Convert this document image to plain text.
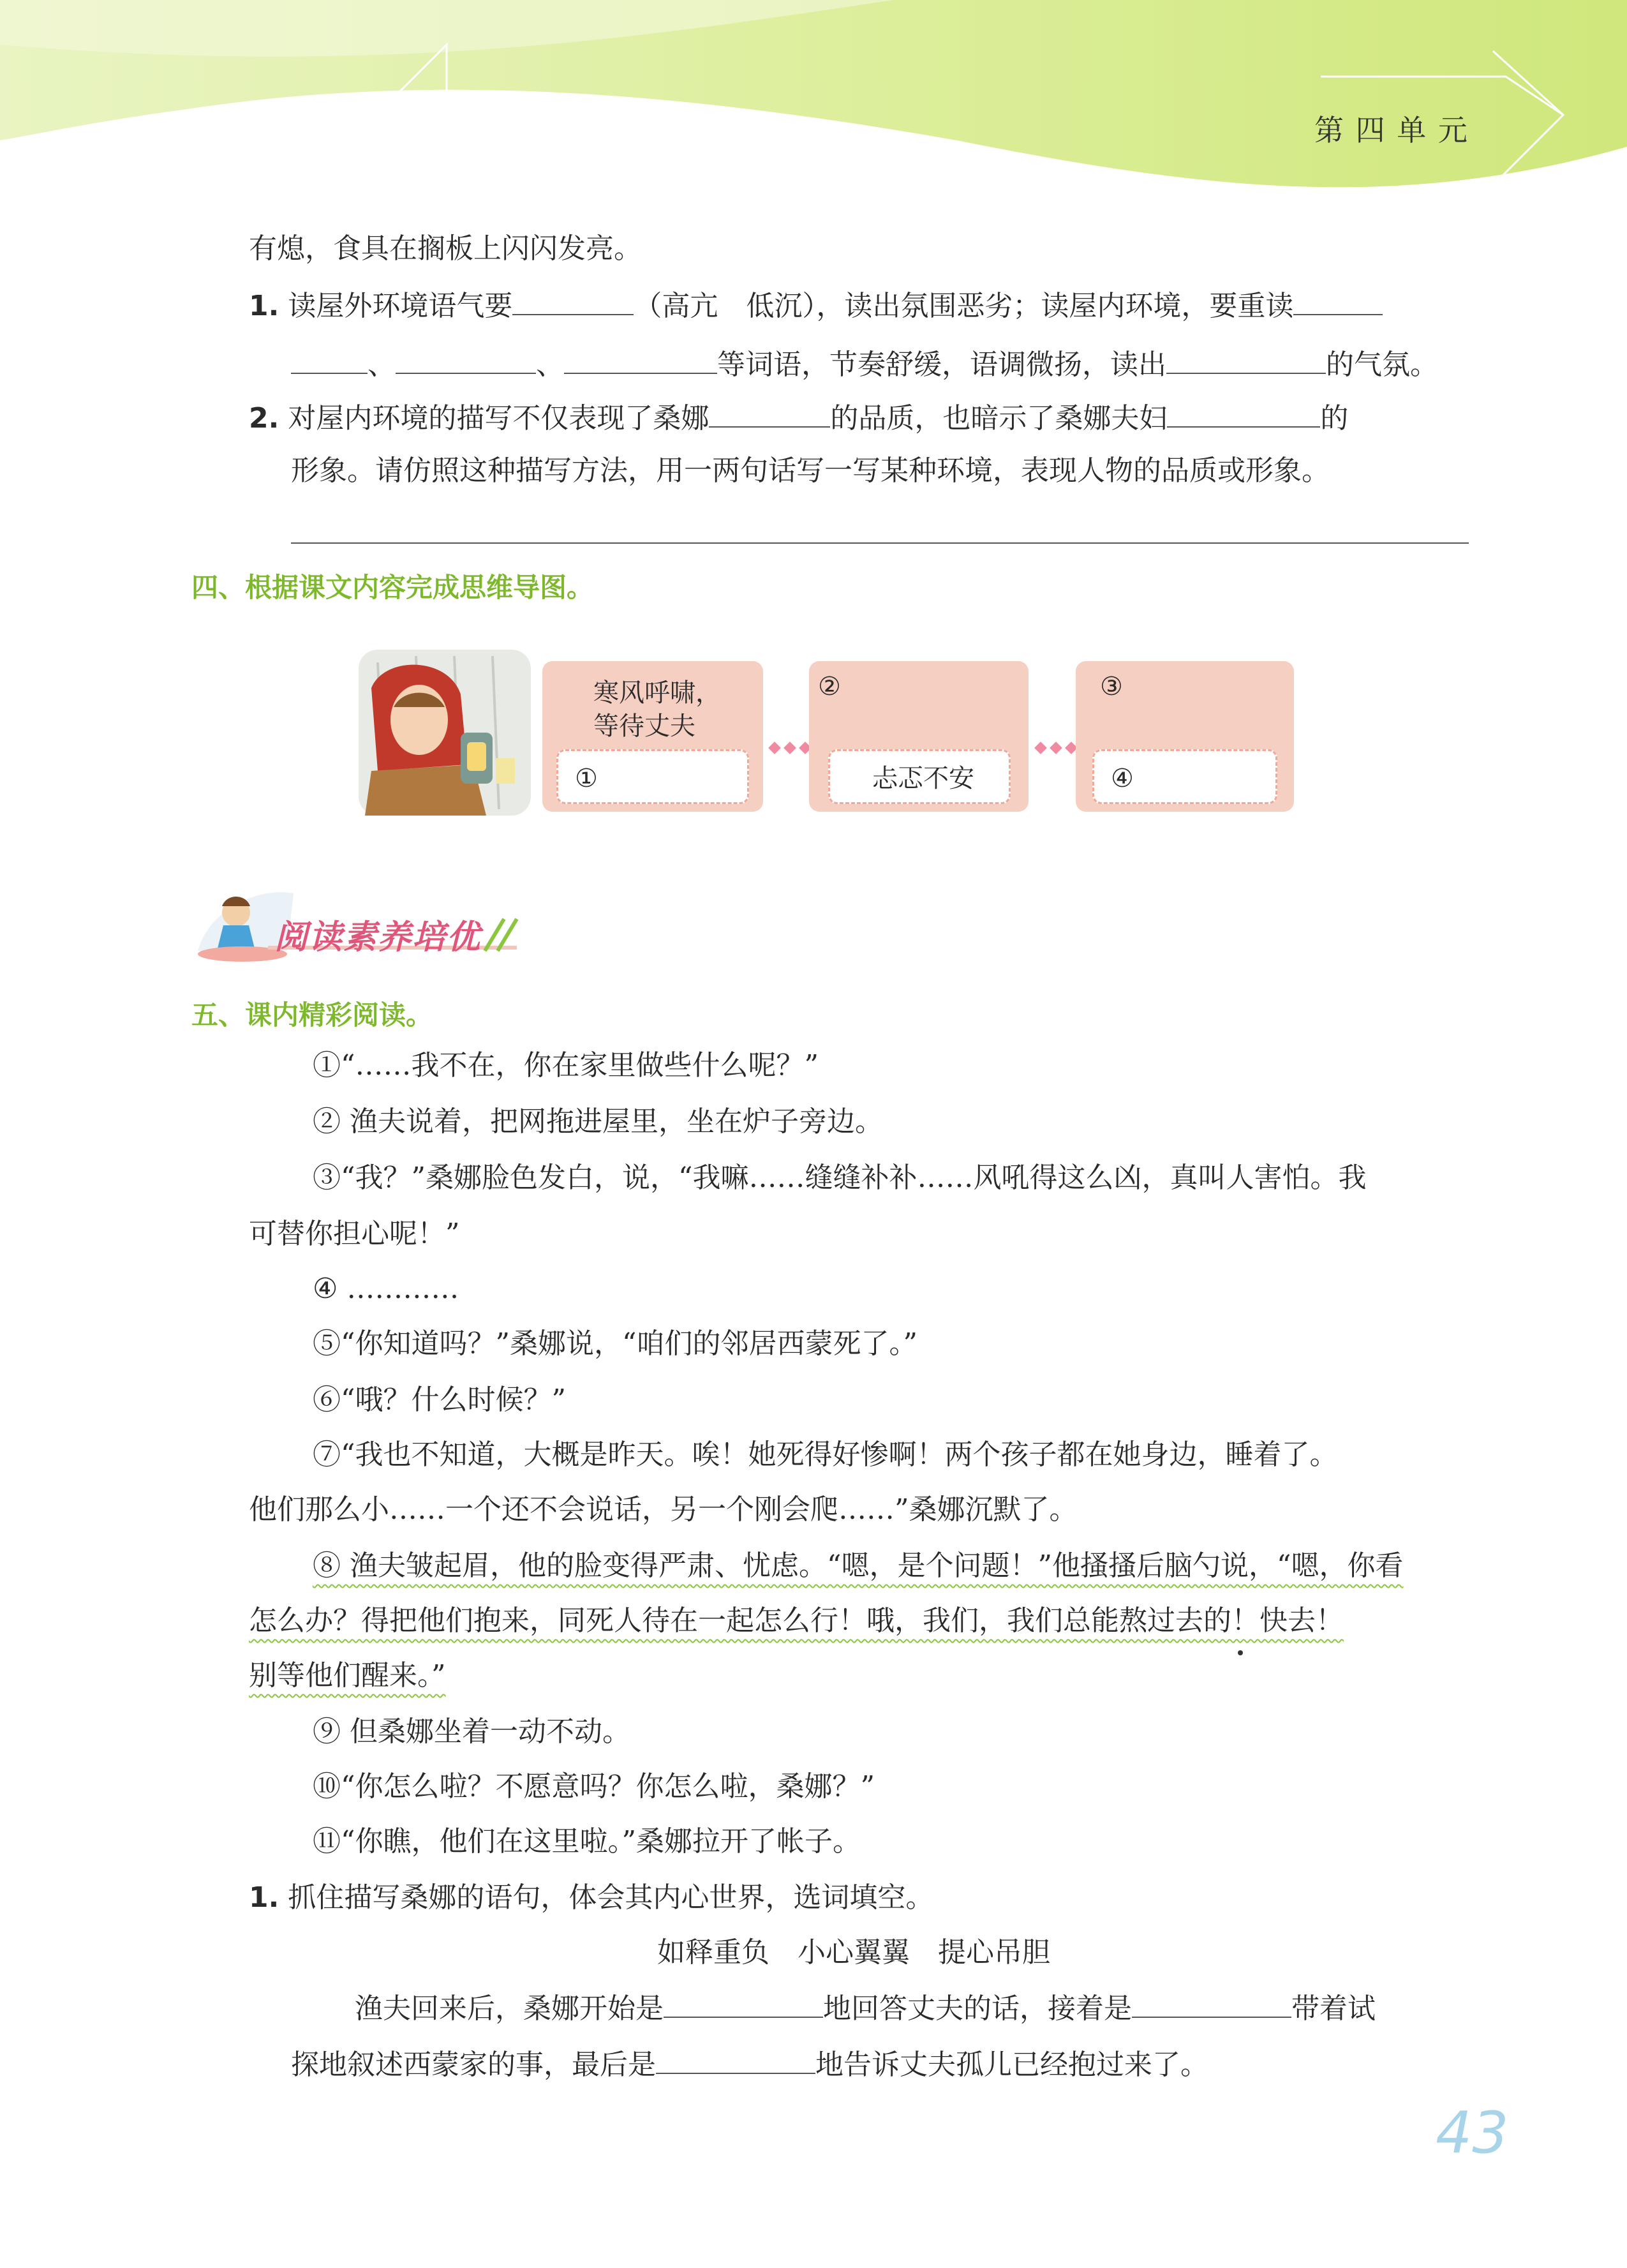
第 四 单 元
有熄，食具在搁板上闪闪发亮。
1. 读屋外环境语气要	（高亢　低沉），读出氛围恶劣；读屋内环境，要重读
、	、	等词语，节奏舒缓，语调微扬，读出	的气氛。
2. 对屋内环境的描写不仅表现了桑娜	的品质，也暗示了桑娜夫妇	的
形象。请仿照这种描写方法，用一两句话写一写某种环境，表现人物的品质或形象。
四、根据课文内容完成思维导图。
寒风呼啸，
等待丈夫
①
②
忐忑不安
③
④
阅读素养培优
五、课内精彩阅读。
①“……我不在，你在家里做些什么呢？”
② 渔夫说着，把网拖进屋里，坐在炉子旁边。
③“我？”桑娜脸色发白，说，“我嘛……缝缝补补……风吼得这么凶，真叫人害怕。我
可替你担心呢！”
④ …………
⑤“你知道吗？”桑娜说，“咱们的邻居西蒙死了。”
⑥“哦？什么时候？”
⑦“我也不知道，大概是昨天。唉！她死得好惨啊！两个孩子都在她身边，睡着了。
他们那么小……一个还不会说话，另一个刚会爬……”桑娜沉默了。
⑧ 渔夫皱起眉，他的脸变得严肃、忧虑。“嗯，是个问题！”他搔搔后脑勺说，“嗯，你看
怎么办？得把他们抱来，同死人待在一起怎么行！哦，我们，我们总能熬过去的！快去！
别等他们醒来。”
⑨ 但桑娜坐着一动不动。
⑩“你怎么啦？不愿意吗？你怎么啦，桑娜？”
⑪“你瞧，他们在这里啦。”桑娜拉开了帐子。
1. 抓住描写桑娜的语句，体会其内心世界，选词填空。
如释重负　小心翼翼　提心吊胆
渔夫回来后，桑娜开始是	地回答丈夫的话，接着是	带着试
探地叙述西蒙家的事，最后是	地告诉丈夫孤儿已经抱过来了。
43
